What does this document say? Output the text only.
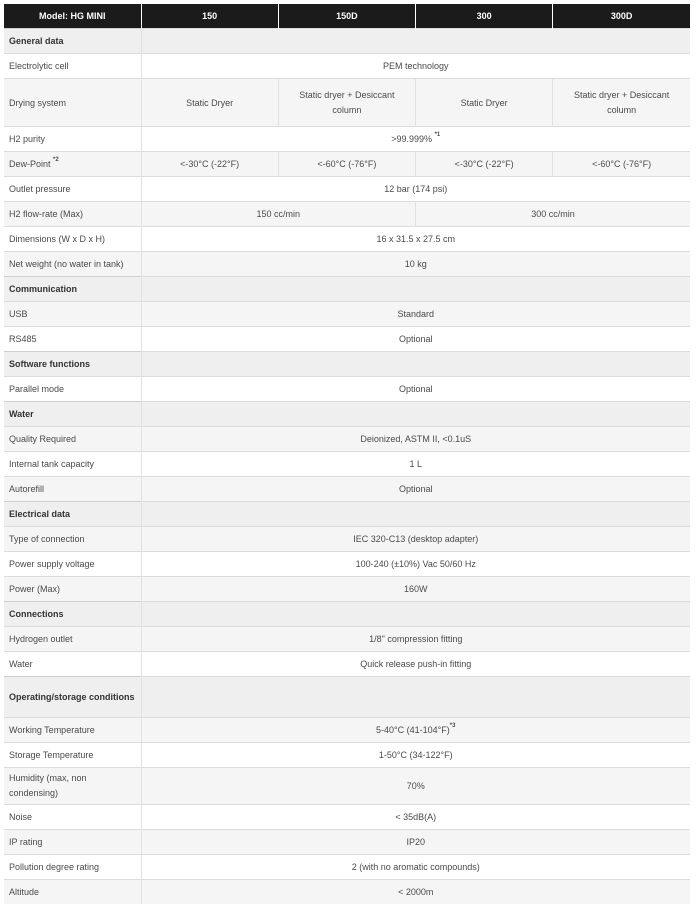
Model: HG MINI	150	150D	300	300D
General data				
Electrolytic cell	PEM technology			
Drying system	Static Dryer	Static dryer + Desiccant column	Static Dryer	Static dryer + Desiccant column
H2 purity	>99.999% $^{*1}$
Dew-Point $^{*2}$	<-30°C (-22°F)	<-60°C (-76°F)	<-30°C (-22°F)	<-60°C (-76°F)
Outlet pressure	12 bar (174 psi)			
H2 flow-rate (Max)	150 cc/min		300 cc/min	
Dimensions (W x D x H)	16 x 31.5 x 27.5 cm			
Net weight (no water in tank)	10 kg			
Communication				
USB	Standard			
RS485	Optional			
Software functions				
Parallel mode	Optional			
Water				
Quality Required	Deionized, ASTM II, <0.1uS			
Internal tank capacity	1 L			
Autorefill	Optional			
Electrical data				
Type of connection	IEC 320-C13 (desktop adapter)			
Power supply voltage	100-240 (±10%) Vac 50/60 Hz			
Power (Max)	160W			
Connections				
Hydrogen outlet	1/8" compression fitting			
Water	Quick release push-in fitting			
Operating/storage conditions				
Working Temperature	5-40°C $(41-104^\circ F)^{*3}$
Storage Temperature	1-50°C (34-122°F)			
Humidity (max, non condensing)	70%			
Noise	< 35dB(A)			
IP rating	IP20			
Pollution degree rating	2 (with no aromatic compounds)			
Altitude	< 2000m			
